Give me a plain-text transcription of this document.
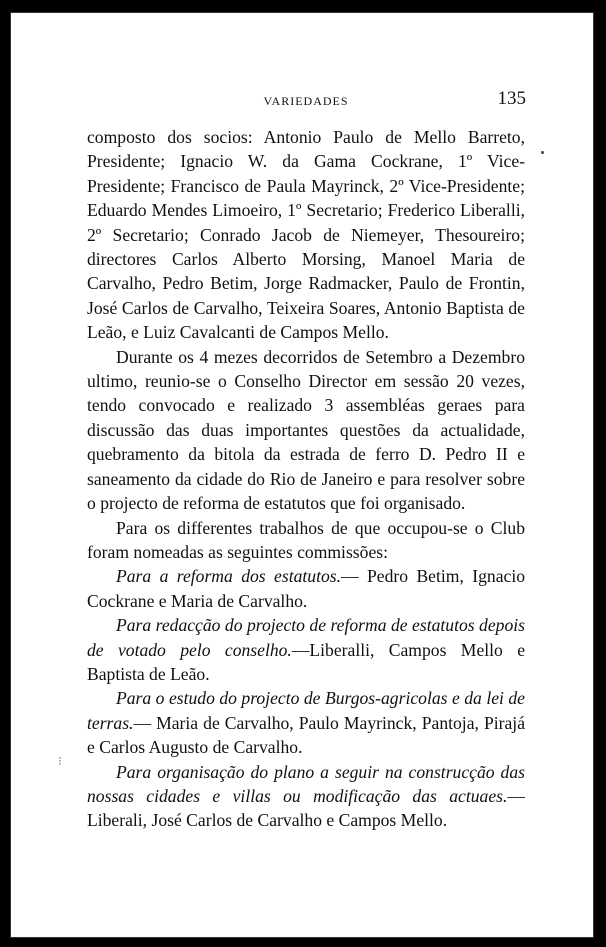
VARIEDADES	135
⁝

composto dos socios: Antonio Paulo de Mello Barreto, Presidente; Ignacio W. da Gama Cockrane, 1º Vice-Presidente; Francisco de Paula Mayrinck, 2º Vice-Presidente; Eduardo Mendes Limoeiro, 1º Secretario; Frederico Liberalli, 2º Secretario; Conrado Jacob de Niemeyer, Thesoureiro; directores Carlos Alberto Morsing, Manoel Maria de Carvalho, Pedro Betim, Jorge Radmacker, Paulo de Frontin, José Carlos de Carvalho, Teixeira Soares, Antonio Baptista de Leão, e Luiz Cavalcanti de Campos Mello.

Durante os 4 mezes decorridos de Setembro a Dezembro ultimo, reunio-se o Conselho Director em sessão 20 vezes, tendo convocado e realizado 3 assembléas geraes para discussão das duas importantes questões da actualidade, quebramento da bitola da estrada de ferro D. Pedro II e saneamento da cidade do Rio de Janeiro e para resolver sobre o projecto de reforma de estatutos que foi organisado.

Para os differentes trabalhos de que occupou-se o Club foram nomeadas as seguintes commissões:

Para a reforma dos estatutos.— Pedro Betim, Ignacio Cockrane e Maria de Carvalho.

Para redacção do projecto de reforma de estatutos depois de votado pelo conselho.—Liberalli, Campos Mello e Baptista de Leão.

Para o estudo do projecto de Burgos-agricolas e da lei de terras.— Maria de Carvalho, Paulo Mayrinck, Pantoja, Pirajá e Carlos Augusto de Carvalho.

Para organisação do plano a seguir na construcção das nossas cidades e villas ou modificação das actuaes.—Liberali, José Carlos de Carvalho e Campos Mello.
